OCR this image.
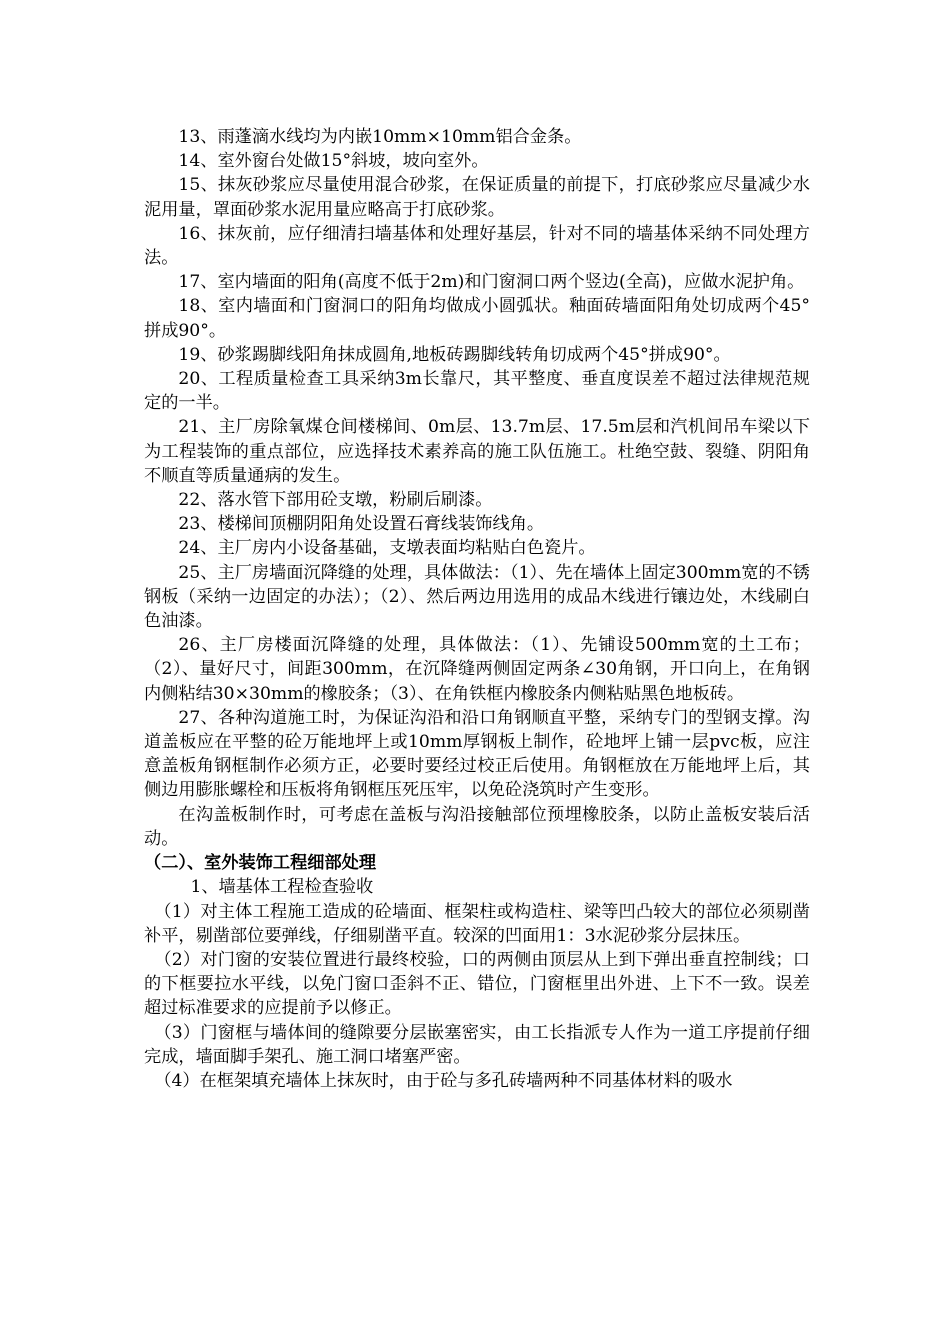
13、雨蓬滴水线均为内嵌10mm×10mm铝合金条。

14、室外窗台处做15°斜坡，坡向室外。

15、抹灰砂浆应尽量使用混合砂浆，在保证质量的前提下，打底砂浆应尽量减少水泥用量，罩面砂浆水泥用量应略高于打底砂浆。

16、抹灰前，应仔细清扫墙基体和处理好基层，针对不同的墙基体采纳不同处理方法。

17、室内墙面的阳角(高度不低于2m)和门窗洞口两个竖边(全高)，应做水泥护角。

18、室内墙面和门窗洞口的阳角均做成小圆弧状。釉面砖墙面阳角处切成两个45°拼成90°。

19、砂浆踢脚线阳角抹成圆角,地板砖踢脚线转角切成两个45°拼成90°。

20、工程质量检查工具采纳3m长靠尺，其平整度、垂直度误差不超过法律规范规定的一半。

21、主厂房除氧煤仓间楼梯间、0m层、13.7m层、17.5m层和汽机间吊车梁以下为工程装饰的重点部位，应选择技术素养高的施工队伍施工。杜绝空鼓、裂缝、阴阳角不顺直等质量通病的发生。

22、落水管下部用砼支墩，粉刷后刷漆。

23、楼梯间顶棚阴阳角处设置石膏线装饰线角。

24、主厂房内小设备基础，支墩表面均粘贴白色瓷片。

25、主厂房墙面沉降缝的处理，具体做法：（1）、先在墙体上固定300mm宽的不锈钢板（采纳一边固定的办法）；（2）、然后两边用选用的成品木线进行镶边处，木线刷白色油漆。

26、主厂房楼面沉降缝的处理，具体做法：（1）、先铺设500mm宽的土工布；（2）、量好尺寸，间距300mm，在沉降缝两侧固定两条∠30角钢，开口向上，在角钢内侧粘结30×30mm的橡胶条；（3）、在角铁框内橡胶条内侧粘贴黑色地板砖。

27、各种沟道施工时，为保证沟沿和沿口角钢顺直平整，采纳专门的型钢支撑。沟道盖板应在平整的砼万能地坪上或10mm厚钢板上制作，砼地坪上铺一层pvc板，应注意盖板角钢框制作必须方正，必要时要经过校正后使用。角钢框放在万能地坪上后，其侧边用膨胀螺栓和压板将角钢框压死压牢，以免砼浇筑时产生变形。

在沟盖板制作时，可考虑在盖板与沟沿接触部位预埋橡胶条，以防止盖板安装后活动。

（二）、室外装饰工程细部处理

1、墙基体工程检查验收

（1）对主体工程施工造成的砼墙面、框架柱或构造柱、梁等凹凸较大的部位必须剔凿补平，剔凿部位要弹线，仔细剔凿平直。较深的凹面用1：3水泥砂浆分层抹压。

（2）对门窗的安装位置进行最终校验，口的两侧由顶层从上到下弹出垂直控制线；口的下框要拉水平线，以免门窗口歪斜不正、错位，门窗框里出外进、上下不一致。误差超过标准要求的应提前予以修正。

（3）门窗框与墙体间的缝隙要分层嵌塞密实，由工长指派专人作为一道工序提前仔细完成，墙面脚手架孔、施工洞口堵塞严密。

（4）在框架填充墙体上抹灰时，由于砼与多孔砖墙两种不同基体材料的吸水
